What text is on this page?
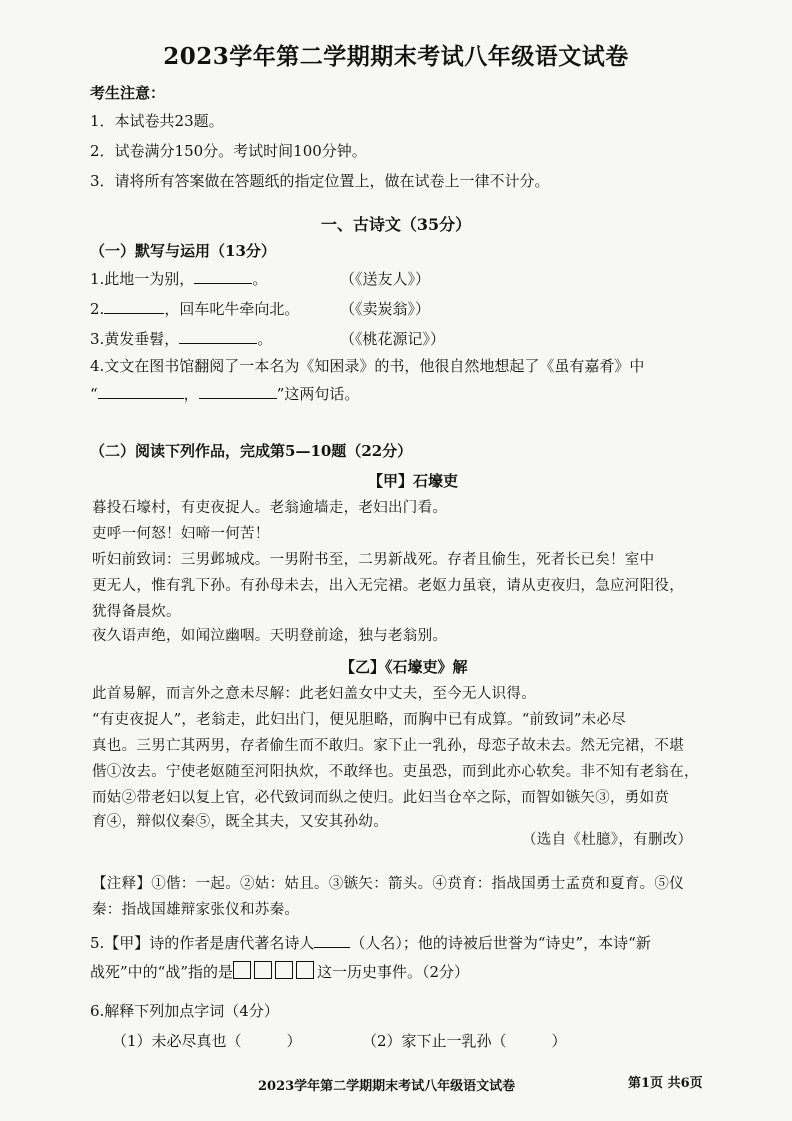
2023学年第二学期期末考试八年级语文试卷
考生注意：
1．本试卷共23题。
2．试卷满分150分。考试时间100分钟。
3．请将所有答案做在答题纸的指定位置上，做在试卷上一律不计分。
一、古诗文（35分）
（一）默写与运用（13分）
1.此地一为别，	。	（《送友人》）
2.	，回车叱牛牵向北。	（《卖炭翁》）
3.黄发垂髫，	。	（《桃花源记》）
4.文文在图书馆翻阅了一本名为《知困录》的书，他很自然地想起了《虽有嘉肴》中
“	，	”这两句话。
（二）阅读下列作品，完成第5—10题（22分）
【甲】石壕吏
暮投石壕村，有吏夜捉人。老翁逾墙走，老妇出门看。
吏呼一何怒！妇啼一何苦！
听妇前致词：三男邺城戍。一男附书至，二男新战死。存者且偷生，死者长已矣！室中
更无人，惟有乳下孙。有孙母未去，出入无完裙。老妪力虽衰，请从吏夜归，急应河阳役，
犹得备晨炊。
夜久语声绝，如闻泣幽咽。天明登前途，独与老翁别。
【乙】《石壕吏》解
此首易解，而言外之意未尽解：此老妇盖女中丈夫，至今无人识得。
“有吏夜捉人”，老翁走，此妇出门，便见胆略，而胸中已有成算。“前致词”未必尽
真也。三男亡其两男，存者偷生而不敢归。家下止一乳孙，母恋子故未去。然无完裙，不堪
偕①汝去。宁使老妪随至河阳执炊，不敢绎也。吏虽恐，而到此亦心软矣。非不知有老翁在，
而姑②带老妇以复上官，必代致词而纵之使归。此妇当仓卒之际，而智如镞矢③，勇如贲
育④，辩似仪秦⑤，既全其夫，又安其孙幼。
（选自《杜臆》，有删改）
【注释】①偕：一起。②姑：姑且。③镞矢：箭头。④贲育：指战国勇士孟贲和夏育。⑤仪
秦：指战国雄辩家张仪和苏秦。
5.【甲】诗的作者是唐代著名诗人 （人名）；他的诗被后世誉为“诗史”，本诗“新
战死”中的“战”指的是	这一历史事件。（2分）
6.解释下列加点字词（4分）
（1）未必尽真也（　　　）	（2）家下止一乳孙（　　　）
2023学年第二学期期末考试八年级语文试卷	第1页 共6页
